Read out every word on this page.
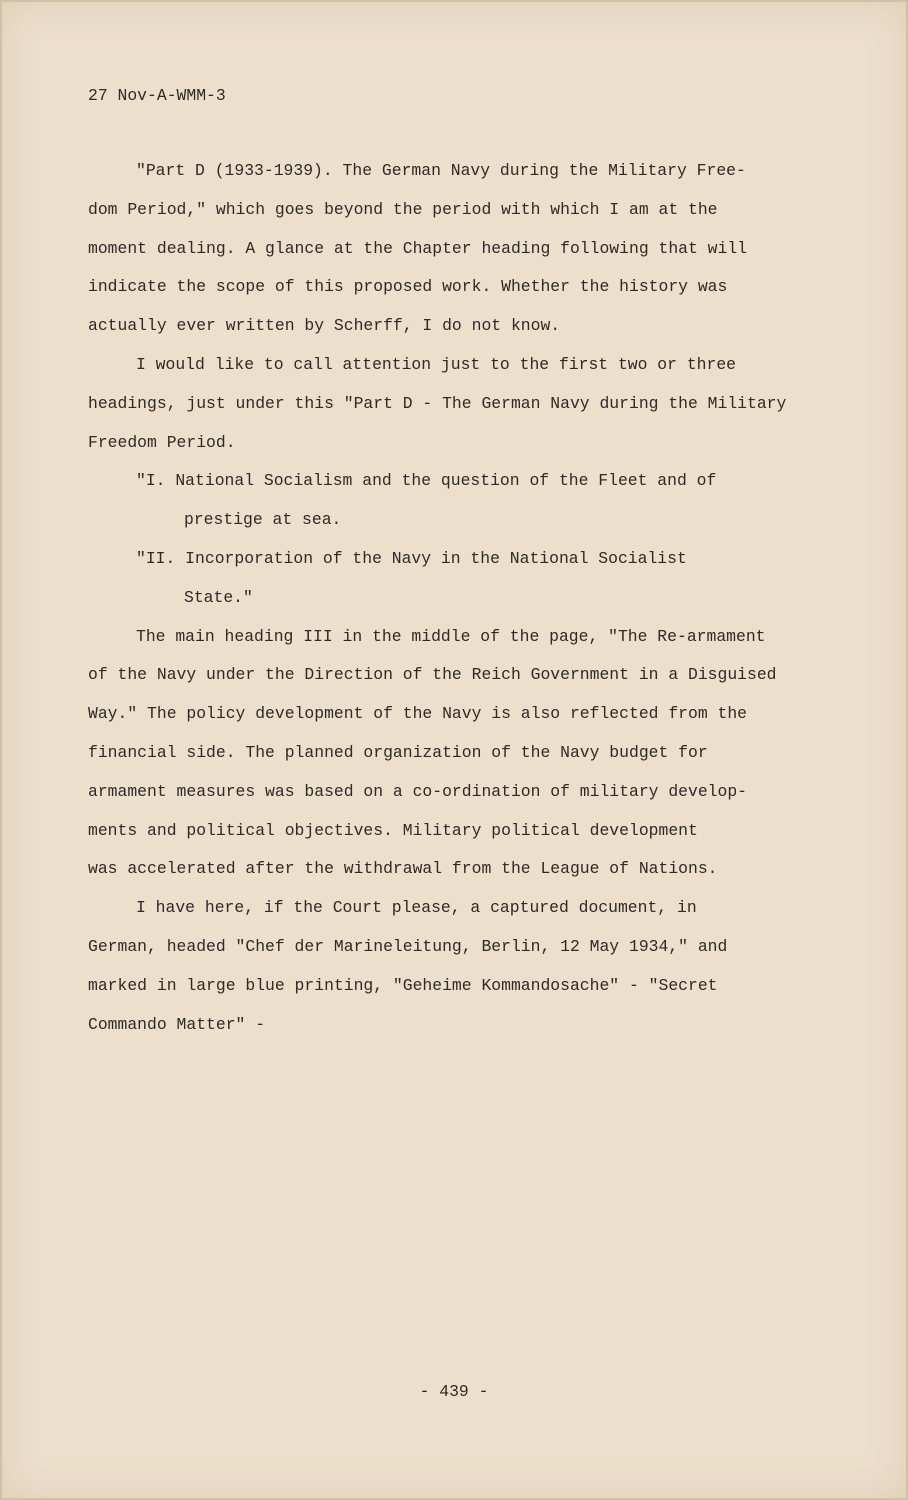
27 Nov-A-WMM-3
"Part D (1933-1939). The German Navy during the Military Free-
dom Period," which goes beyond the period with which I am at the
moment dealing. A glance at the Chapter heading following that will
indicate the scope of this proposed work. Whether the history was
actually ever written by Scherff, I do not know.
I would like to call attention just to the first two or three
headings, just under this "Part D - The German Navy during the Military
Freedom Period.
"I. National Socialism and the question of the Fleet and of
prestige at sea.
"II. Incorporation of the Navy in the National Socialist
State."
The main heading III in the middle of the page, "The Re-armament
of the Navy under the Direction of the Reich Government in a Disguised
Way." The policy development of the Navy is also reflected from the
financial side. The planned organization of the Navy budget for
armament measures was based on a co-ordination of military develop-
ments and political objectives. Military political development
was accelerated after the withdrawal from the League of Nations.
I have here, if the Court please, a captured document, in
German, headed "Chef der Marineleitung, Berlin, 12 May 1934," and
marked in large blue printing, "Geheime Kommandosache" - "Secret
Commando Matter" -
- 439 -
